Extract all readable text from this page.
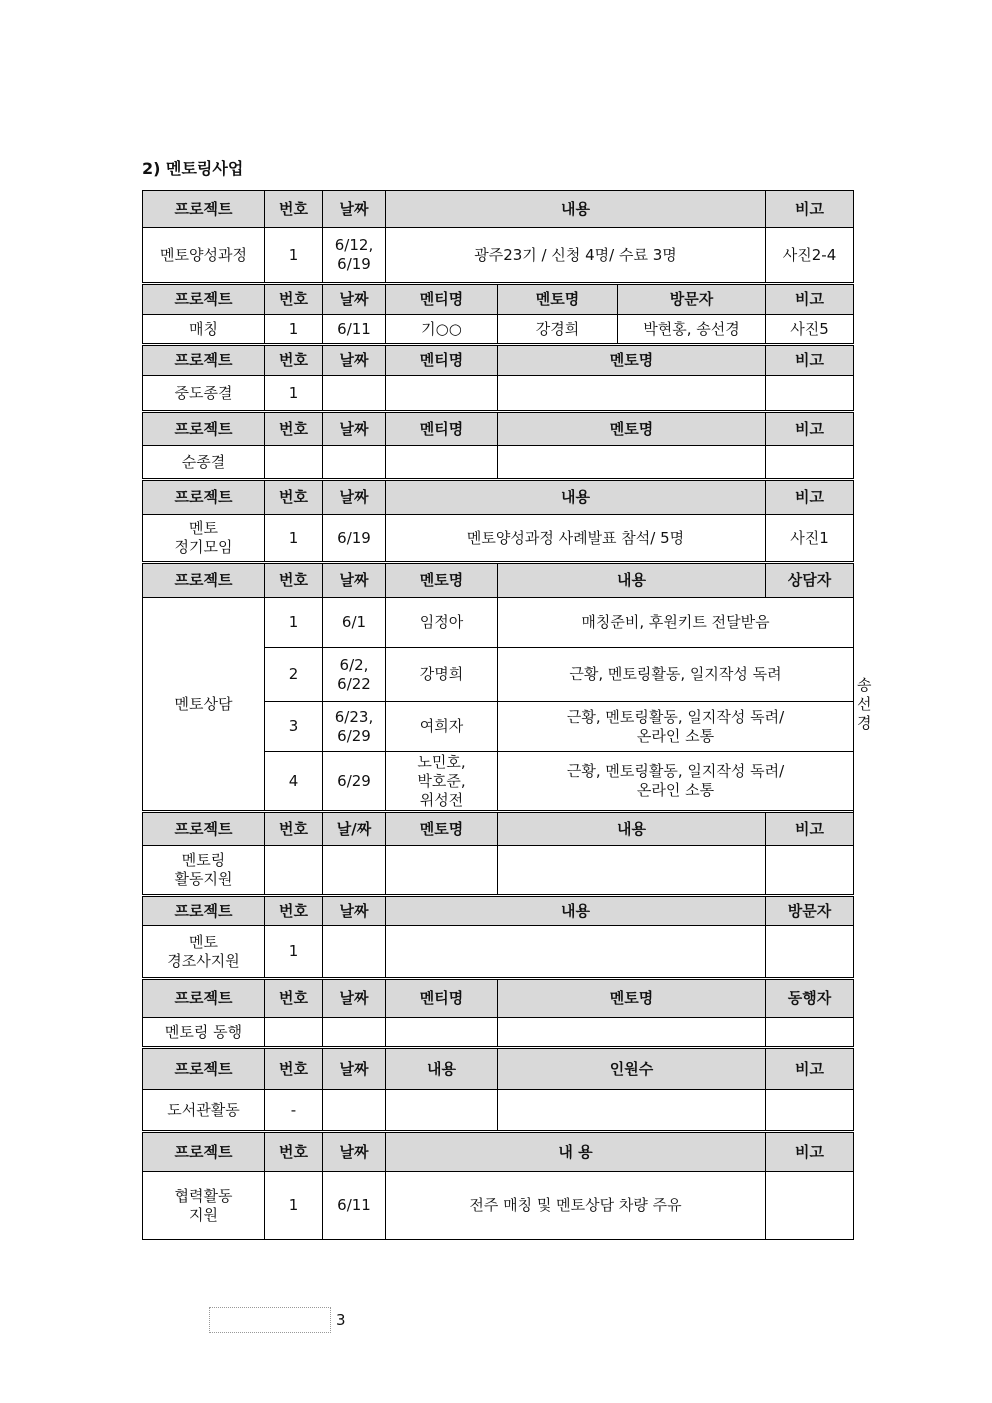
2) 멘토링사업
프로젝트	번호	날짜	내용			비고	
멘토양성과정	1	6/12,
6/19	광주23기 / 신청 4명/ 수료 3명			사진2-4	
프로젝트	번호	날짜	멘티명	멘토명	방문자	비고	
매칭	1	6/11	기○○	강경희	박현홍, 송선경	사진5	
프로젝트	번호	날짜	멘티명	멘토명		비고	
중도종결	1						
프로젝트	번호	날짜	멘티명	멘토명		비고	
순종결							
프로젝트	번호	날짜	내용			비고	
멘토
정기모임	1	6/19	멘토양성과정 사례발표 참석/ 5명			사진1	
프로젝트	번호	날짜	멘토명	내용		상담자	
멘토상담	1	6/1	임정아	매칭준비, 후원키트 전달받음			송선경
	2	6/2,
6/22	강명희	근황, 멘토링활동, 일지작성 독려			
	3	6/23,
6/29	여희자	근황, 멘토링활동, 일지작성 독려/
온라인 소통			
	4	6/29	노민호,
박호준,
위성전	근황, 멘토링활동, 일지작성 독려/
온라인 소통			
프로젝트	번호	날/짜	멘토명	내용		비고	
멘토링
활동지원							
프로젝트	번호	날짜	내용			방문자	
멘토
경조사지원	1						
프로젝트	번호	날짜	멘티명	멘토명		동행자	
멘토링 동행							
프로젝트	번호	날짜	내용	인원수		비고	
도서관활동	-						
프로젝트	번호	날짜	내 용			비고	
협력활동
지원	1	6/11	전주 매칭 및 멘토상담 차량 주유				
3
